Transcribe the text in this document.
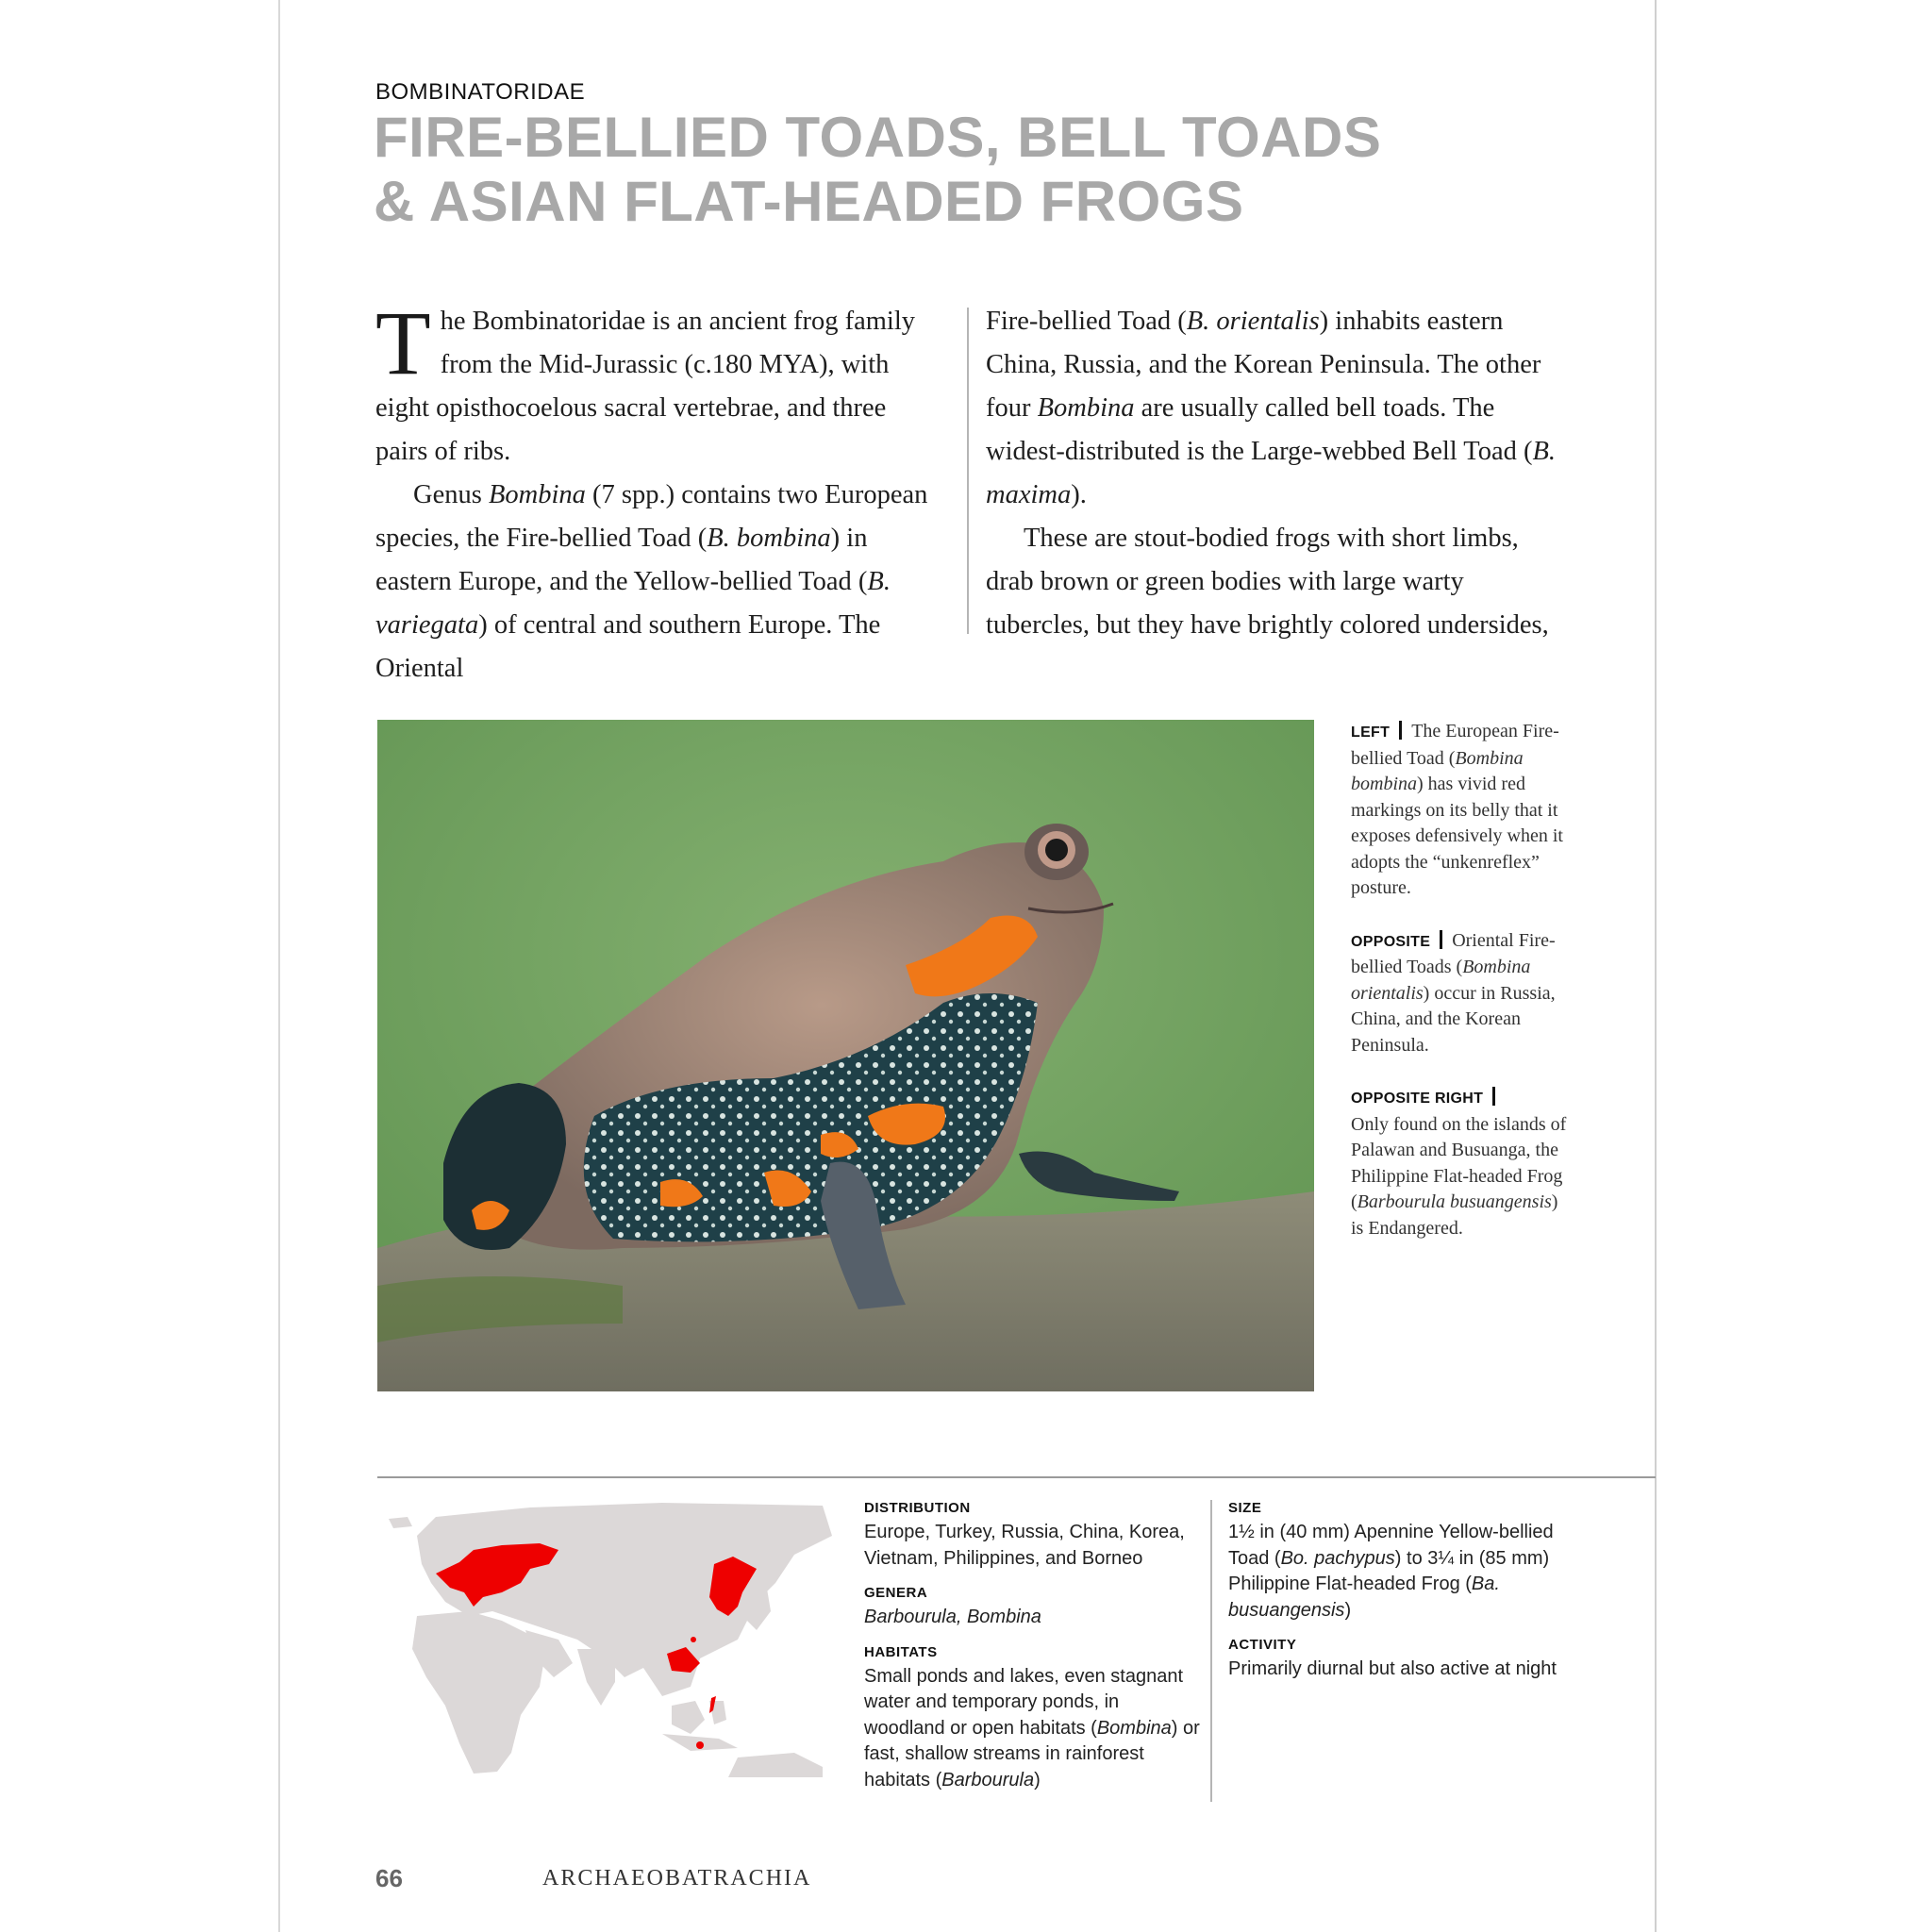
BOMBINATORIDAE
FIRE-BELLIED TOADS, BELL TOADS
& ASIAN FLAT-HEADED FROGS

The Bombinatoridae is an ancient frog family from the Mid-Jurassic (c.180 MYA), with eight opisthocoelous sacral vertebrae, and three pairs of ribs.

Genus Bombina (7 spp.) contains two European species, the Fire-bellied Toad (B. bombina) in eastern Europe, and the Yellow-bellied Toad (B. variegata) of central and southern Europe. The Oriental

Fire-bellied Toad (B. orientalis) inhabits eastern China, Russia, and the Korean Peninsula. The other four Bombina are usually called bell toads. The widest-distributed is the Large-webbed Bell Toad (B. maxima).

These are stout-bodied frogs with short limbs, drab brown or green bodies with large warty tubercles, but they have brightly colored undersides,

LEFT The European Fire-bellied Toad (Bombina bombina) has vivid red markings on its belly that it exposes defensively when it adopts the “unkenreflex” posture.

OPPOSITE Oriental Fire-bellied Toads (Bombina orientalis) occur in Russia, China, and the Korean Peninsula.

OPPOSITE RIGHT
Only found on the islands of Palawan and Busuanga, the Philippine Flat-headed Frog (Barbourula busuangensis) is Endangered.

DISTRIBUTION
Europe, Turkey, Russia, China, Korea, Vietnam, Philippines, and Borneo
GENERA
Barbourula, Bombina
HABITATS
Small ponds and lakes, even stagnant water and temporary ponds, in woodland or open habitats (Bombina) or fast, shallow streams in rainforest habitats (Barbourula)
SIZE
1½ in (40 mm) Apennine Yellow-bellied Toad (Bo. pachypus) to 3¼ in (85 mm) Philippine Flat-headed Frog (Ba. busuangensis)
ACTIVITY
Primarily diurnal but also active at night
66	ARCHAEOBATRACHIA
